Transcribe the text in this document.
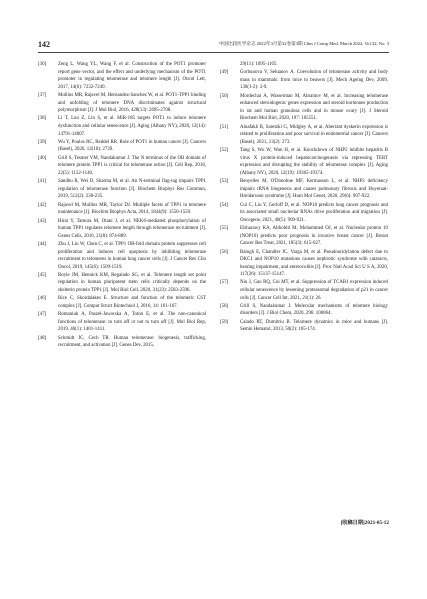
142	中国比较医学杂志 2022年3月第32卷第3期 Chin J Comp Med, March 2022, Vol.32, No. 3
[36] Zeng L, Wang YL, Wang F, et al. Construction of the POT1 promoter report gene vector, and the effect and underlying mechanism of the POT1 promoter in regulating telomerase and telomere length [J]. Oncol Lett, 2017, 14(6): 7232-7240.
[37] Mullins MR, Rajavel M, Hernandez-Sanchez W, et al. POT1-TPP1 binding and unfolding of telomere DNA discriminates against structural polymorphism [J]. J Mol Biol, 2016, 428(13): 2695-2708.
[38] Li T, Luo Z, Lin S, et al. MiR-185 targets POT1 to induce telomere dysfunction and cellular senescence [J]. Aging (Albany NY), 2020, 12(14): 14791-14807.
[39] Wu Y, Poulos RC, Reddel RR. Role of POT1 in human cancer [J]. Cancers (Basel), 2020, 12(10): 2739.
[40] Grill S, Tesmer VM, Nandakumar J. The N terminus of the OB domain of telomere protein TPP1 is critical for telomerase action [J]. Cell Rep, 2018, 22(5): 1132-1140.
[41] Sandhu R, Wei D, Sharma M, et al. An N-terminal flag-tag impairs TPP1 regulation of telomerase function [J]. Biochem Biophys Res Commun, 2019, 512(2): 230-235.
[42] Rajavel M, Mullins MR, Taylor DJ. Multiple facets of TPP1 in telomere maintenance [J]. Biochim Biophys Acta, 2014, 1844(9): 1550-1559.
[43] Hirai Y, Tamura M, Otani J, et al. NEK6-mediated phosphorylation of human TPP1 regulates telomere length through telomerase recruitment [J]. Genes Cells, 2016, 21(8): 874-889.
[44] Zhu J, Liu W, Chen C, et al. TPP1 OB-fold domain protein suppresses cell proliferation and induces cell apoptosis by inhibiting telomerase recruitment to telomeres in human lung cancer cells [J]. J Cancer Res Clin Oncol, 2019, 145(6): 1509-1519.
[45] Boyle JM, Hennick KM, Regalado SG, et al. Telomere length set point regulation in human pluripotent stem cells critically depends on the shelterin protein TPP1 [J]. Mol Biol Cell, 2020, 31(23): 2583-2596.
[46] Rice C, Skordalakes E. Structure and function of the telomeric CST complex [J]. Comput Struct Biotechnol J, 2016, 14: 161-167.
[47] Romaniuk A, Paszel-Jaworska A, Toton E, et al. The non-canonical functions of telomerase: to turn off or not to turn off [J]. Mol Biol Rep, 2019, 46(1): 1401-1411.
[48] Schmidt JC, Cech TR. Human telomerase: biogenesis, trafficking, recruitment, and activation [J]. Genes Dev, 2015,
29(11): 1095-1105.
[49] Gorbunova V, Seluanov A. Coevolution of telomerase activity and body mass in mammals: from mice to beavers [J]. Mech Ageing Dev, 2009, 130(1-2): 3-9.
[50] Mordechai A, Wasserman M, Abramov M, et al. Increasing telomerase enhanced steroidogenic genes expression and steroid hormones production in rat and human granulosa cells and in mouse ovary [J]. J Steroid Biochem Mol Biol, 2020, 197: 105551.
[51] Alnafakh R, Saretzki G, Midgley A, et al. Aberrant dyskerin expression is related to proliferation and poor survival in endometrial cancer [J]. Cancers (Basel), 2021, 13(2): 273.
[52] Tang S, Wu W, Wan H, et al. Knockdown of NHP2 inhibits hepatitis B virus X protein-induced hepatocarcinogenesis via repressing TERT expression and disrupting the stability of telomerase complex [J]. Aging (Albany NY), 2020, 12(19): 19365-19374.
[53] Benyelles M, O'Donohue MF, Kermasson L, et al. NHP2 deficiency impairs rRNA biogenesis and causes pulmonary fibrosis and Hoyeraal-Hreidarsson syndrome [J]. Hum Mol Genet, 2020, 29(6): 907-922.
[54] Cui C, Liu Y, Gerloff D, et al. NOP10 predicts lung cancer prognosis and its associated small nucleolar RNAs drive proliferation and migration [J]. Oncogene, 2021, 40(5): 909-921.
[55] Elsharawy KA, Althobiti M, Mohammed OJ, et al. Nucleolar protein 10 (NOP10) predicts poor prognosis in invasive breast cancer [J]. Breast Cancer Res Treat, 2021, 185(3): 615-627.
[56] Balogh E, Chandler JC, Varga M, et al. Pseudouridylation defect due to DKC1 and NOP10 mutations causes nephrotic syndrome with cataracts, hearing impairment, and enterocolitis [J]. Proc Natl Acad Sci U S A, 2020, 117(26): 15137-15147.
[57] Niu J, Gao RQ, Cui MT, et al. Suppression of TCAB1 expression induced cellular senescence by lessening proteasomal degradation of p21 in cancer cells [J]. Cancer Cell Int, 2021, 21(1): 26.
[58] Grill S, Nandakumar J. Molecular mechanisms of telomere biology disorders [J]. J Biol Chem, 2020, 296: 100064.
[59] Calado RT, Dumitriu B. Telomere dynamics in mice and humans [J]. Semin Hematol, 2013, 50(2): 165-174.
[收稿日期]2021-05-12
